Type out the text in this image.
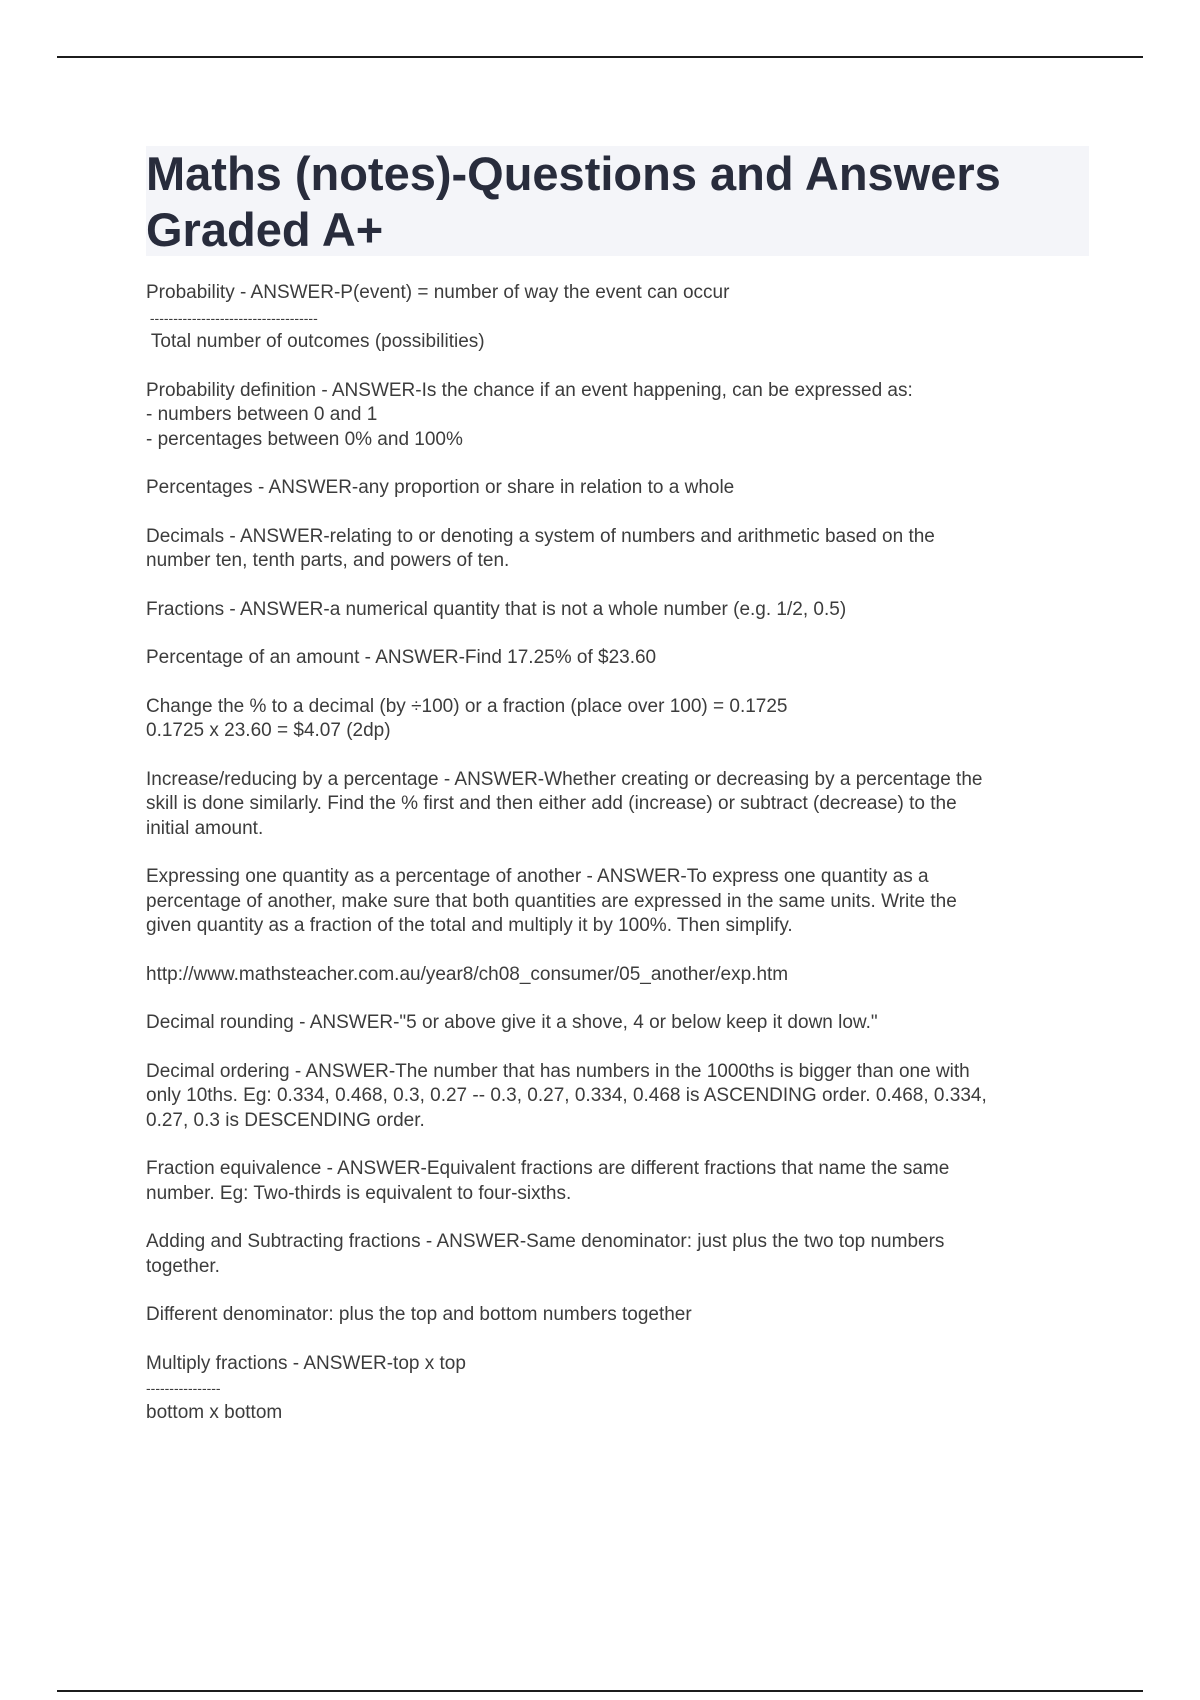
Maths (notes)-Questions and Answers
Graded A+
Probability - ANSWER-P(event) = number of way the event can occur
------------------------------------
Total number of outcomes (possibilities)
Probability definition - ANSWER-Is the chance if an event happening, can be expressed as:
- numbers between 0 and 1
- percentages between 0% and 100%
Percentages - ANSWER-any proportion or share in relation to a whole
Decimals - ANSWER-relating to or denoting a system of numbers and arithmetic based on the
number ten, tenth parts, and powers of ten.
Fractions - ANSWER-a numerical quantity that is not a whole number (e.g. 1/2, 0.5)
Percentage of an amount - ANSWER-Find 17.25% of $23.60
Change the % to a decimal (by ÷100) or a fraction (place over 100) = 0.1725
0.1725 x 23.60 = $4.07 (2dp)
Increase/reducing by a percentage - ANSWER-Whether creating or decreasing by a percentage the
skill is done similarly. Find the % first and then either add (increase) or subtract (decrease) to the
initial amount.
Expressing one quantity as a percentage of another - ANSWER-To express one quantity as a
percentage of another, make sure that both quantities are expressed in the same units. Write the
given quantity as a fraction of the total and multiply it by 100%. Then simplify.
http://www.mathsteacher.com.au/year8/ch08_consumer/05_another/exp.htm
Decimal rounding - ANSWER-"5 or above give it a shove, 4 or below keep it down low."
Decimal ordering - ANSWER-The number that has numbers in the 1000ths is bigger than one with
only 10ths. Eg: 0.334, 0.468, 0.3, 0.27 -- 0.3, 0.27, 0.334, 0.468 is ASCENDING order. 0.468, 0.334,
0.27, 0.3 is DESCENDING order.
Fraction equivalence - ANSWER-Equivalent fractions are different fractions that name the same
number. Eg: Two-thirds is equivalent to four-sixths.
Adding and Subtracting fractions - ANSWER-Same denominator: just plus the two top numbers
together.
Different denominator: plus the top and bottom numbers together
Multiply fractions - ANSWER-top x top
----------------
bottom x bottom
